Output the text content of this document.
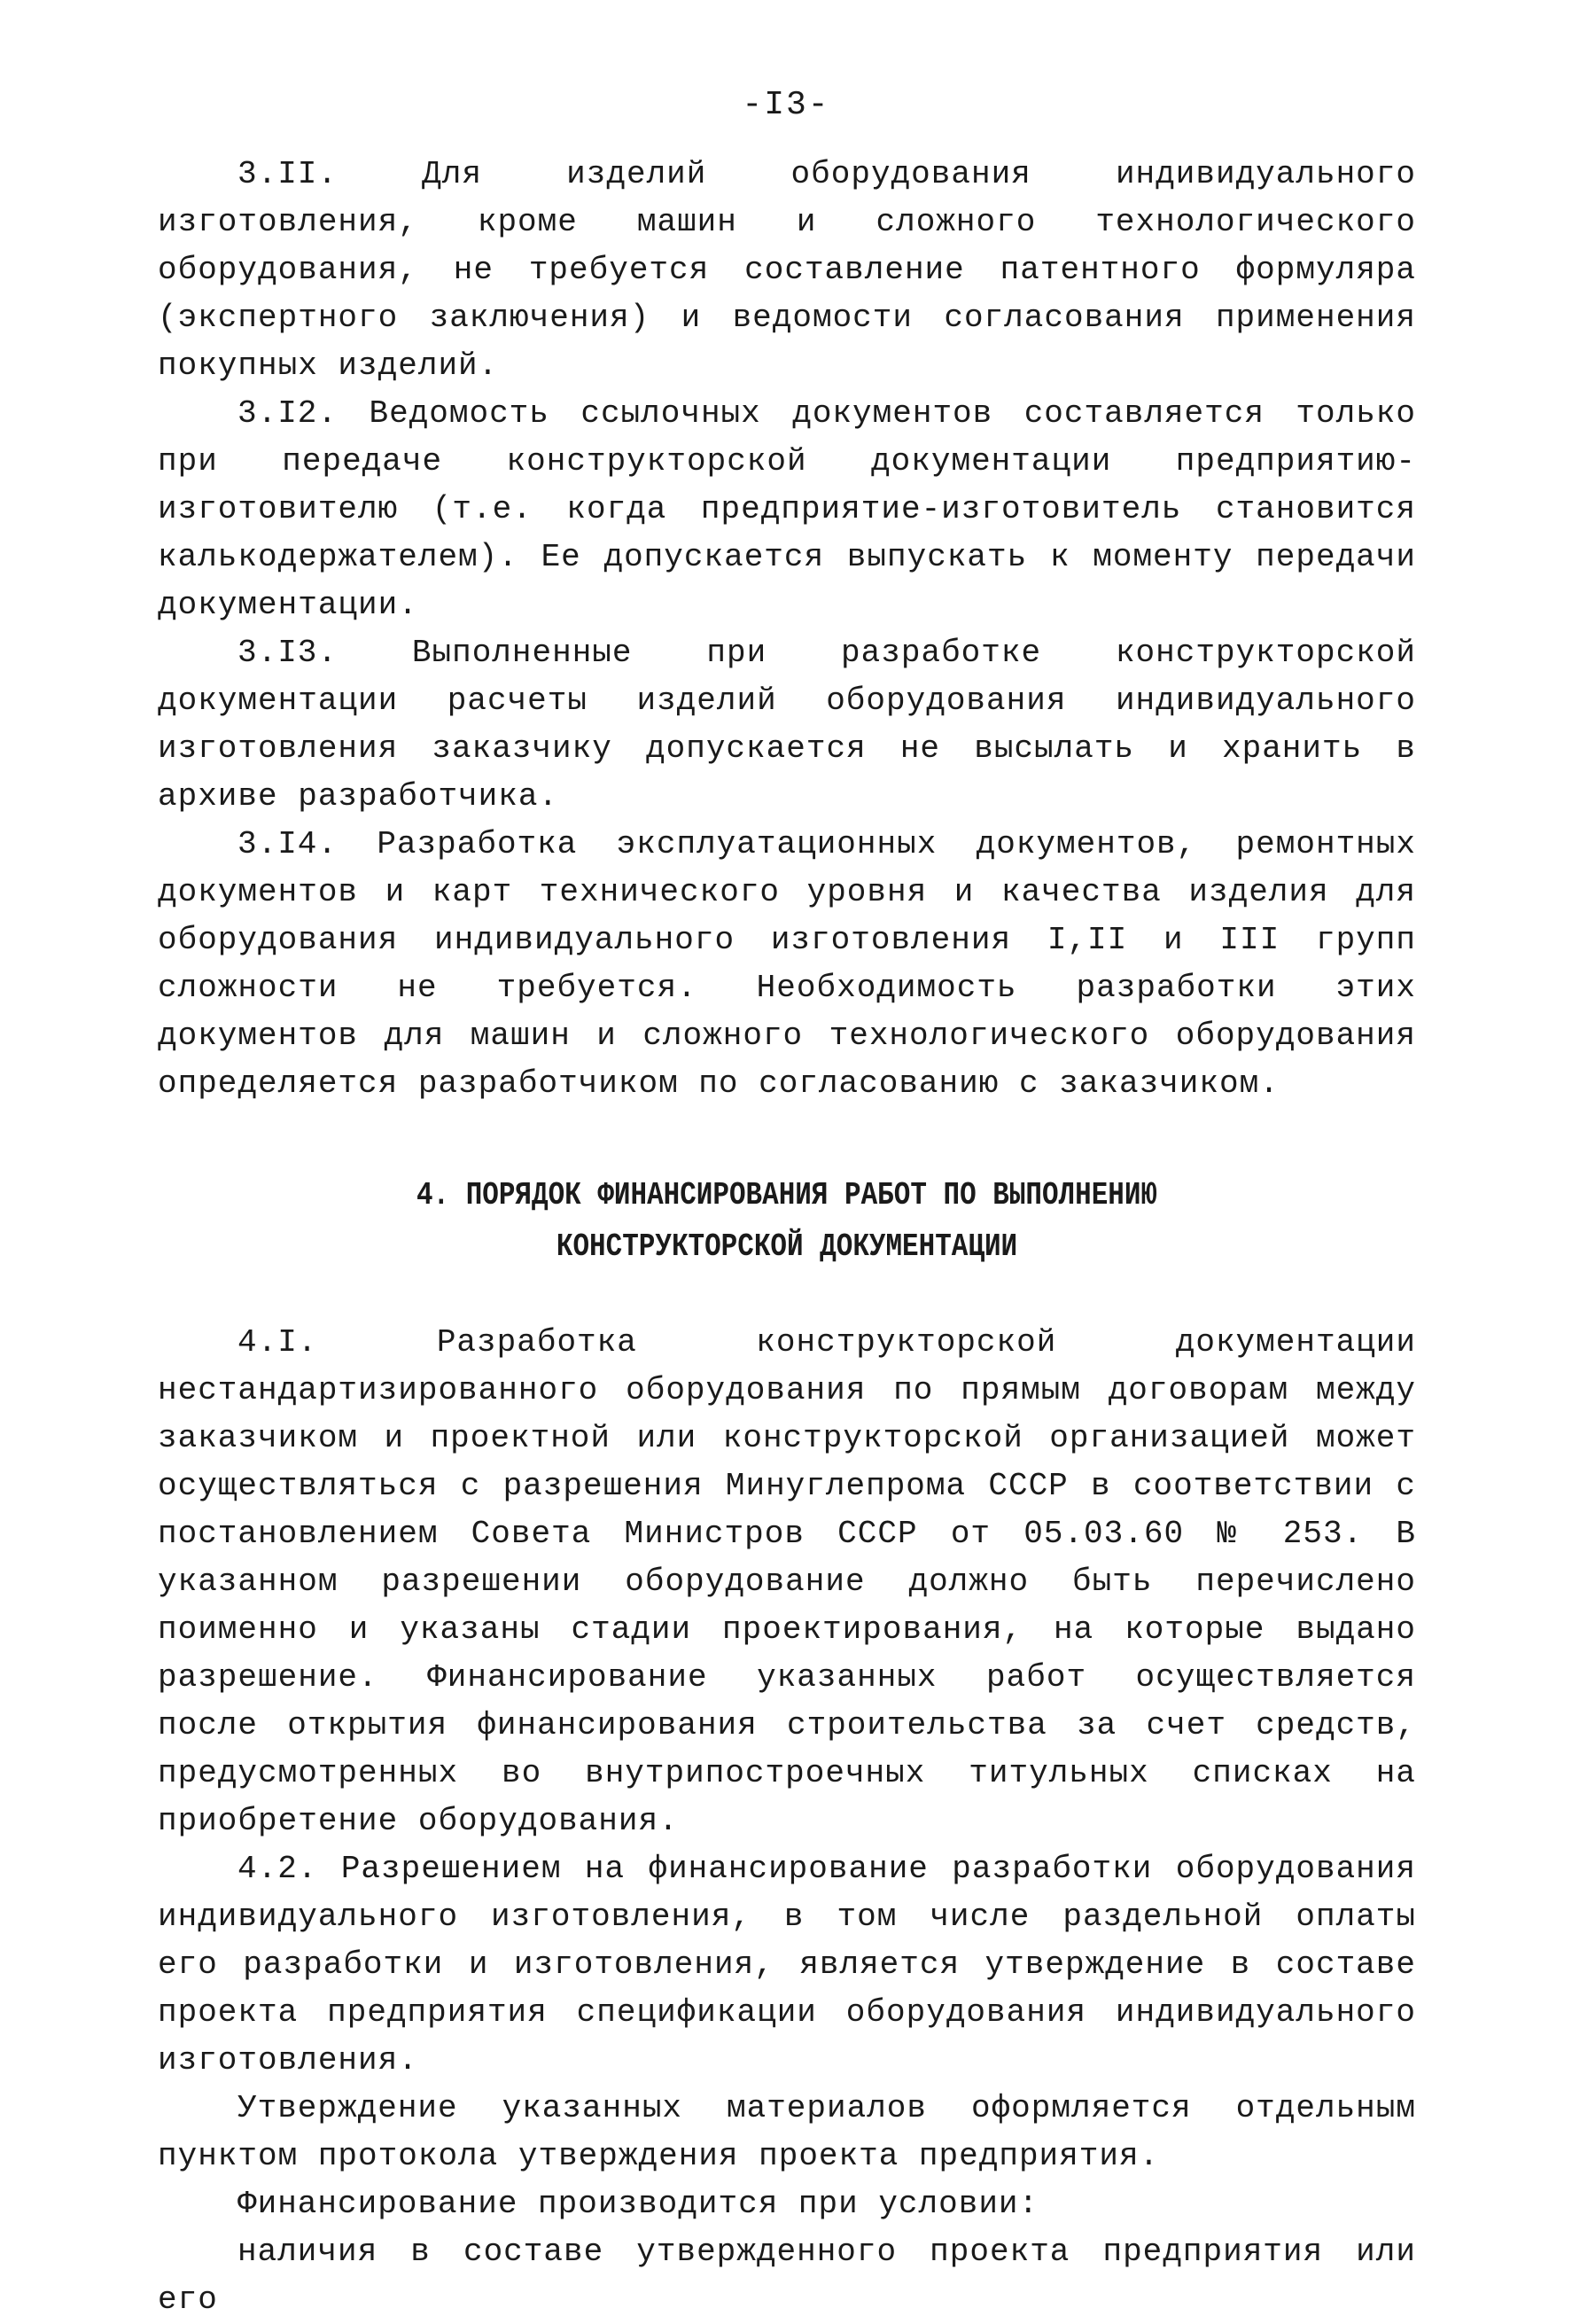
-I3-

3.II. Для изделий оборудования индивидуального изготовления, кроме машин и сложного технологического оборудования, не требуется составление патентного формуляра (экспертного заключения) и ведомости согласования применения покупных изделий.

3.I2. Ведомость ссылочных документов составляется только при передаче конструкторской документации предприятию-изготовителю (т.е. когда предприятие-изготовитель становится калькодержателем). Ее допускается выпускать к моменту передачи документации.

3.I3. Выполненные при разработке конструкторской документации расчеты изделий оборудования индивидуального изготовления заказчику допускается не высылать и хранить в архиве разработчика.

3.I4. Разработка эксплуатационных документов, ремонтных документов и карт технического уровня и качества изделия для оборудования индивидуального изготовления I,II и III групп сложности не требуется. Необходимость разработки этих документов для машин и сложного технологического оборудования определяется разработчиком по согласованию с заказчиком.

4. ПОРЯДОК ФИНАНСИРОВАНИЯ РАБОТ ПО ВЫПОЛНЕНИЮ
КОНСТРУКТОРСКОЙ ДОКУМЕНТАЦИИ

4.I. Разработка конструкторской документации нестандартизированного оборудования по прямым договорам между заказчиком и проектной или конструкторской организацией может осуществляться с разрешения Минуглепрома СССР в соответствии с постановлением Совета Министров СССР от 05.03.60 № 253. В указанном разрешении оборудование должно быть перечислено поименно и указаны стадии проектирования, на которые выдано разрешение. Финансирование указанных работ осуществляется после открытия финансирования строительства за счет средств, предусмотренных во внутрипостроечных титульных списках на приобретение оборудования.

4.2. Разрешением на финансирование разработки оборудования индивидуального изготовления, в том числе раздельной оплаты его разработки и изготовления, является утверждение в составе проекта предприятия спецификации оборудования индивидуального изготовления.

Утверждение указанных материалов оформляется отдельным пунктом протокола утверждения проекта предприятия.

Финансирование производится при условии:

наличия в составе утвержденного проекта предприятия или его
